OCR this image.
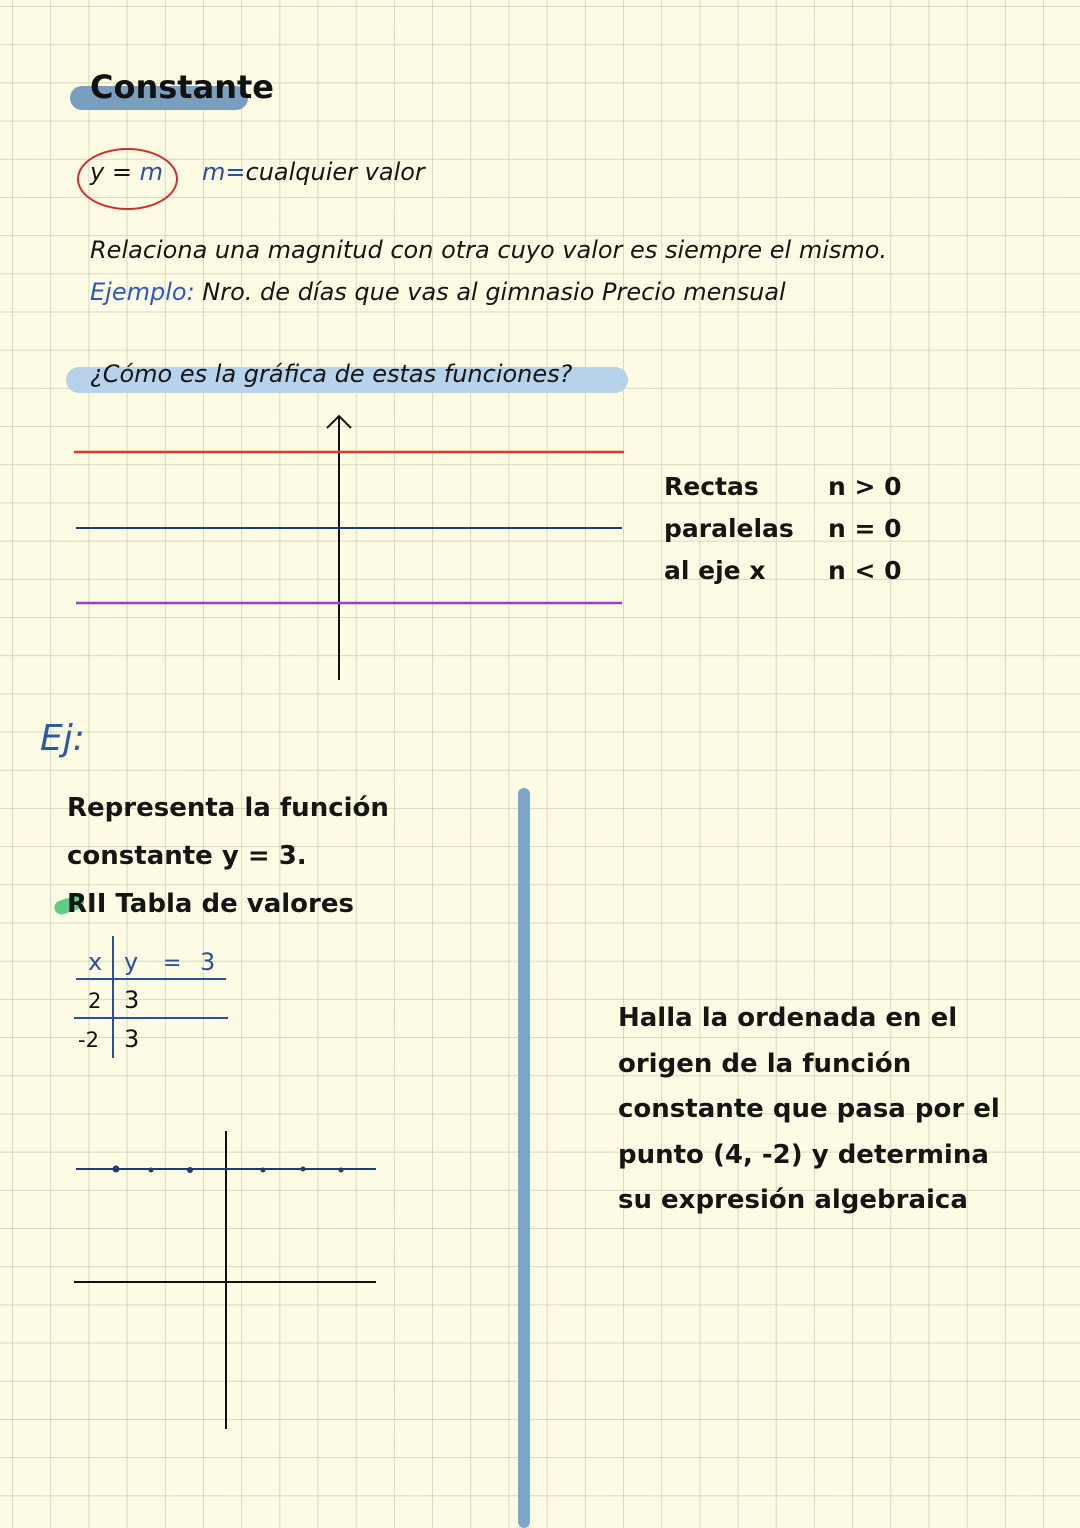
Constante
y = m m=cualquier valor
Relaciona una magnitud con otra cuyo valor es siempre el mismo.
Ejemplo: Nro. de días que vas al gimnasio Precio mensual
¿Cómo es la gráfica de estas funciones?
Rectas
paralelas
al eje x
n > 0
n = 0
n < 0
Ej:
Representa la función
constante y = 3.
RII Tabla de valores
x y = 3
2 3
-2 3
Halla la ordenada en el
origen de la función
constante que pasa por el
punto (4, -2) y determina
su expresión algebraica
